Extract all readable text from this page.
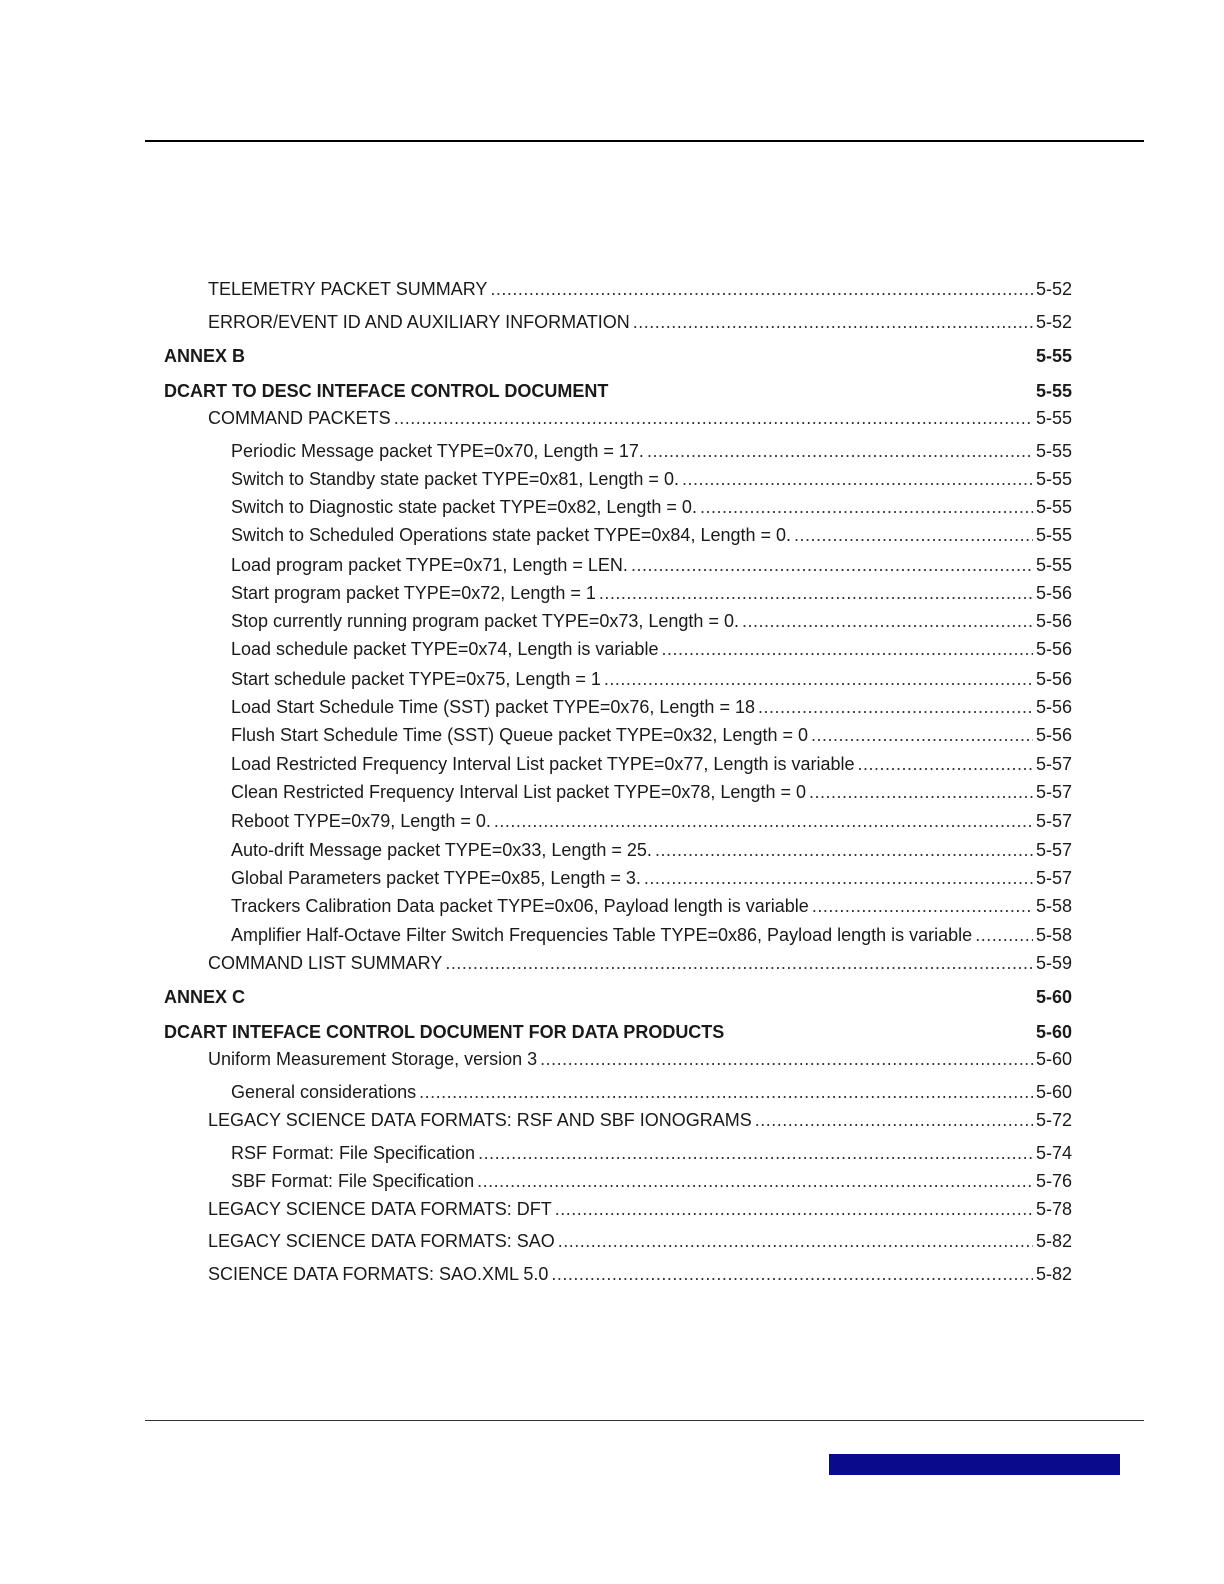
TELEMETRY PACKET SUMMARY .....	5-52
ERROR/EVENT ID AND AUXILIARY INFORMATION .....	5-52
ANNEX B	5-55
DCART TO DESC INTEFACE CONTROL DOCUMENT	5-55
COMMAND PACKETS .....	5-55
Periodic Message packet TYPE=0x70, Length = 17. .....	5-55
Switch to Standby state packet TYPE=0x81, Length = 0. .....	5-55
Switch to Diagnostic state packet TYPE=0x82, Length = 0. .....	5-55
Switch to Scheduled Operations state packet TYPE=0x84, Length = 0. .....	5-55
Load program packet TYPE=0x71, Length = LEN. .....	5-55
Start program packet TYPE=0x72, Length = 1 .....	5-56
Stop currently running program packet TYPE=0x73, Length = 0. .....	5-56
Load schedule packet TYPE=0x74, Length is variable .....	5-56
Start schedule packet TYPE=0x75, Length = 1 .....	5-56
Load Start Schedule Time (SST) packet TYPE=0x76, Length = 18 .....	5-56
Flush Start Schedule Time (SST) Queue packet TYPE=0x32, Length = 0 .....	5-56
Load Restricted Frequency Interval List packet TYPE=0x77, Length is variable .....	5-57
Clean Restricted Frequency Interval List packet TYPE=0x78, Length = 0 .....	5-57
Reboot TYPE=0x79, Length = 0. .....	5-57
Auto-drift Message packet TYPE=0x33, Length = 25. .....	5-57
Global Parameters packet TYPE=0x85, Length = 3. .....	5-57
Trackers Calibration Data packet TYPE=0x06, Payload length is variable .....	5-58
Amplifier Half-Octave Filter Switch Frequencies Table TYPE=0x86, Payload length is variable .....	5-58
COMMAND LIST SUMMARY .....	5-59
ANNEX C	5-60
DCART INTEFACE CONTROL DOCUMENT FOR DATA PRODUCTS	5-60
Uniform Measurement Storage, version 3 .....	5-60
General considerations .....	5-60
LEGACY SCIENCE DATA FORMATS: RSF AND SBF IONOGRAMS .....	5-72
RSF Format: File Specification .....	5-74
SBF Format: File Specification .....	5-76
LEGACY SCIENCE DATA FORMATS: DFT .....	5-78
LEGACY SCIENCE DATA FORMATS: SAO .....	5-82
SCIENCE DATA FORMATS: SAO.XML 5.0 .....	5-82
